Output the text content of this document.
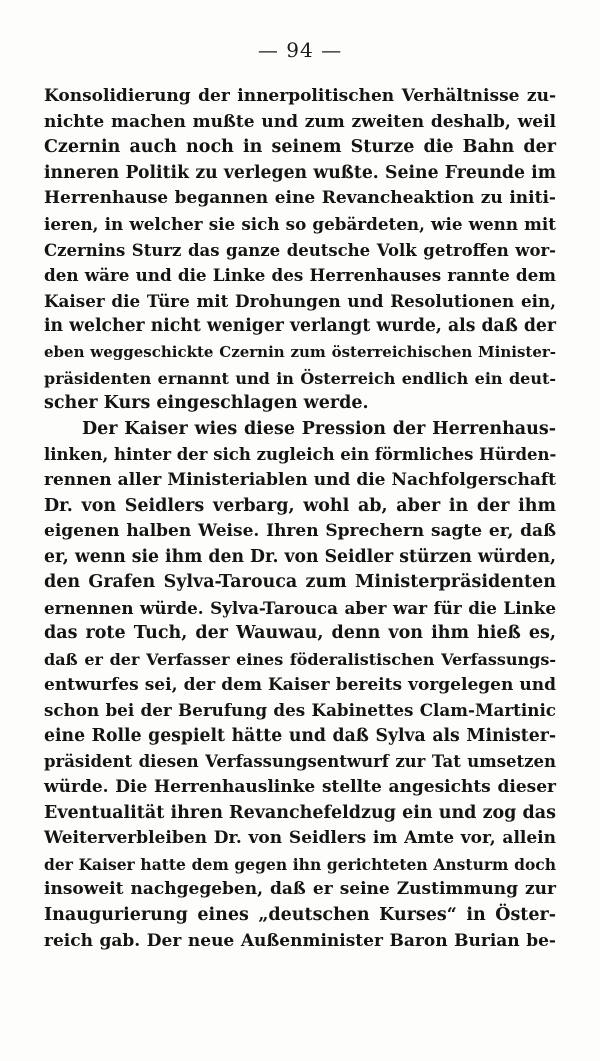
— 94 —
Konsolidierung der innerpolitischen Verhältnisse zu-
nichte machen mußte und zum zweiten deshalb, weil
Czernin auch noch in seinem Sturze die Bahn der
inneren Politik zu verlegen wußte. Seine Freunde im
Herrenhause begannen eine Revancheaktion zu initi-
ieren, in welcher sie sich so gebärdeten, wie wenn mit
Czernins Sturz das ganze deutsche Volk getroffen wor-
den wäre und die Linke des Herrenhauses rannte dem
Kaiser die Türe mit Drohungen und Resolutionen ein,
in welcher nicht weniger verlangt wurde, als daß der
eben weggeschickte Czernin zum österreichischen Minister-
präsidenten ernannt und in Österreich endlich ein deut-
scher Kurs eingeschlagen werde.
Der Kaiser wies diese Pression der Herrenhaus-
linken, hinter der sich zugleich ein förmliches Hürden-
rennen aller Ministeriablen und die Nachfolgerschaft
Dr. von Seidlers verbarg, wohl ab, aber in der ihm
eigenen halben Weise. Ihren Sprechern sagte er, daß
er, wenn sie ihm den Dr. von Seidler stürzen würden,
den Grafen Sylva-Tarouca zum Ministerpräsidenten
ernennen würde. Sylva-Tarouca aber war für die Linke
das rote Tuch, der Wauwau, denn von ihm hieß es,
daß er der Verfasser eines föderalistischen Verfassungs-
entwurfes sei, der dem Kaiser bereits vorgelegen und
schon bei der Berufung des Kabinettes Clam-Martinic
eine Rolle gespielt hätte und daß Sylva als Minister-
präsident diesen Verfassungsentwurf zur Tat umsetzen
würde. Die Herrenhauslinke stellte angesichts dieser
Eventualität ihren Revanchefeldzug ein und zog das
Weiterverbleiben Dr. von Seidlers im Amte vor, allein
der Kaiser hatte dem gegen ihn gerichteten Ansturm doch
insoweit nachgegeben, daß er seine Zustimmung zur
Inaugurierung eines „deutschen Kurses“ in Öster-
reich gab. Der neue Außenminister Baron Burian be-
